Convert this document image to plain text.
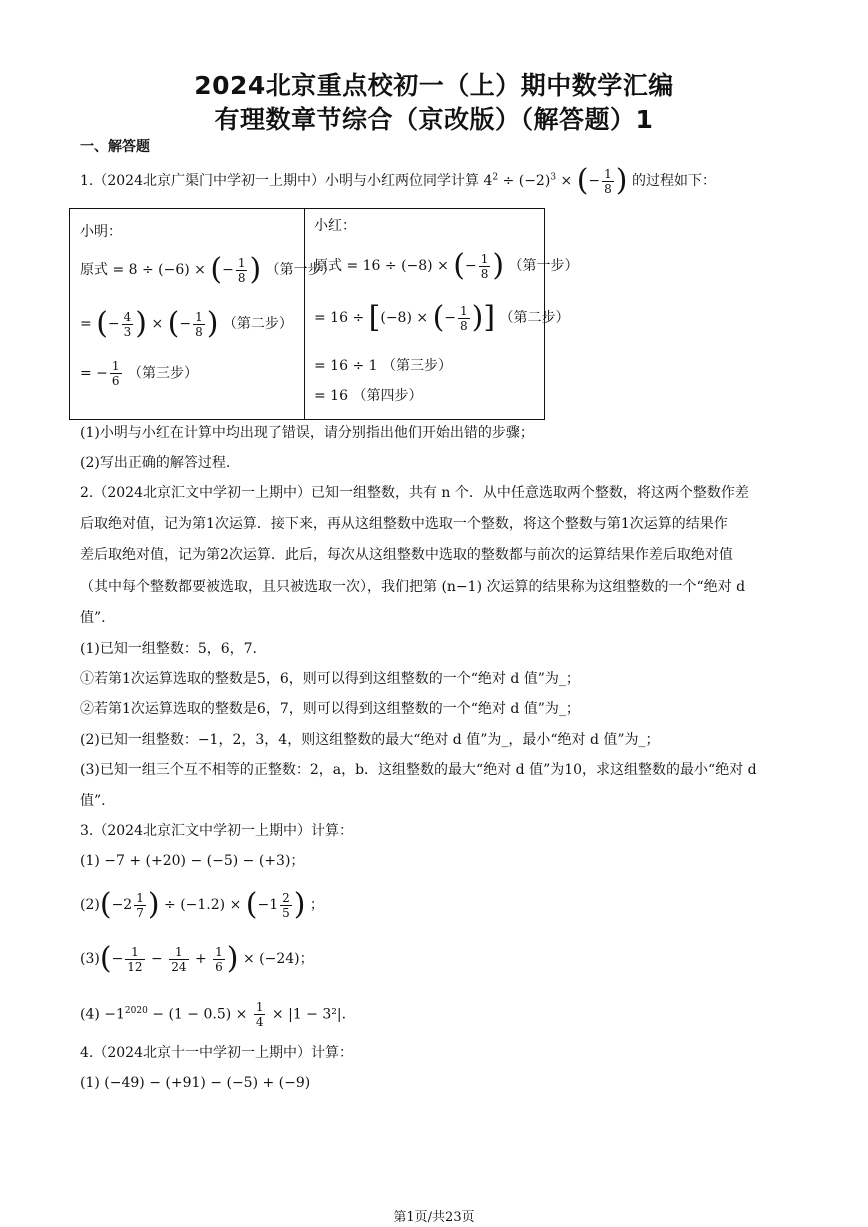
2024北京重点校初一（上）期中数学汇编
有理数章节综合（京改版）（解答题）1
一、解答题
1.（2024北京广渠门中学初一上期中）小明与小红两位同学计算 $4^2 \div (-2)^3$ × (− $\frac{1}{8}$ ) 的过程如下：
小明：
原式 = 8 ÷ (−6) × (− $\frac{1}{8}$ ) （第一步）
= (− $\frac{4}{3}$ ) × (− $\frac{1}{8}$ ) （第二步）
= − $\frac{1}{6}$ （第三步）
小红：
原式 = 16 ÷ (−8) × (− $\frac{1}{8}$ ) （第一步）
= 16 ÷ [(−8) × (− $\frac{1}{8}$ )] （第二步）
= 16 ÷ 1 （第三步）
= 16 （第四步）
(1)小明与小红在计算中均出现了错误，请分别指出他们开始出错的步骤；
(2)写出正确的解答过程.
2.（2024北京汇文中学初一上期中）已知一组整数，共有 n 个．从中任意选取两个整数，将这两个整数作差
后取绝对值，记为第1次运算．接下来，再从这组整数中选取一个整数，将这个整数与第1次运算的结果作
差后取绝对值，记为第2次运算．此后，每次从这组整数中选取的整数都与前次的运算结果作差后取绝对值
（其中每个整数都要被选取，且只被选取一次），我们把第 (n−1) 次运算的结果称为这组整数的一个“绝对 d
值”.
(1)已知一组整数：5，6，7.
①若第1次运算选取的整数是5，6，则可以得到这组整数的一个“绝对 d 值”为_；
②若第1次运算选取的整数是6，7，则可以得到这组整数的一个“绝对 d 值”为_；
(2)已知一组整数：−1，2，3，4，则这组整数的最大“绝对 d 值”为_，最小“绝对 d 值”为_；
(3)已知一组三个互不相等的正整数：2，a，b．这组整数的最大“绝对 d 值”为10，求这组整数的最小“绝对 d
值”.
3.（2024北京汇文中学初一上期中）计算：
(1) −7 + (+20) − (−5) − (+3)；
$(2)(-2 \frac{1}{7}$ ) ÷ $(-1.2) \times (-1 \frac{2}{5}$ ) ；
$(3)(- \frac{1}{12} - \frac{1}{24} + \frac{1}{6}$ ) × (−24)；
$(4) -1^{2020} - (1 - 0.5) \times \frac{1}{4} \times |1 - 3^2|$.
4.（2024北京十一中学初一上期中）计算：
(1) (−49) − (+91) − (−5) + (−9)
第1页/共23页
